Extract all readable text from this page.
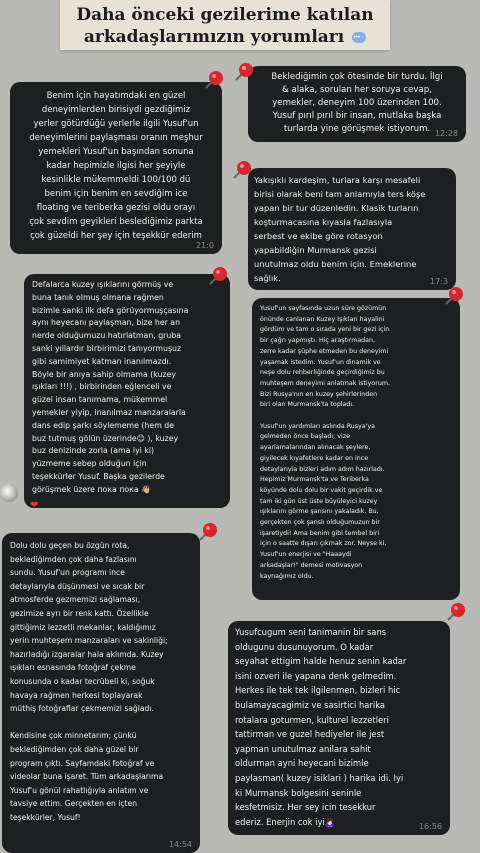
Daha önceki gezilerime katılan
arkadaşlarımızın yorumları ···
Benim için hayatımdaki en güzel
deneyimlerden birisiydi gezdiğimiz
yerler götürdüğü yerlerle ilgili Yusuf'un
deneyimlerini paylaşması oranın meşhur
yemekleri Yusuf'un başından sonuna
kadar hepimizle ilgisi her şeyiyle
kesinlikle mükemmeldi 100/100 dü
benim için benim en sevdiğim ice
floating ve teriberka gezisi oldu orayı
çok sevdim geyikleri beslediğimiz parkta
çok güzeldi her şey için teşekkür ederim
21:0
Beklediğimin çok ötesinde bir turdu. İlgi
& alaka, sorulan her soruya cevap,
yemekler, deneyim 100 üzerinden 100.
Yusuf pırıl pırıl bir insan, mutlaka başka
turlarda yine görüşmek istiyorum. 12:28
Yakışıklı kardeşim, turlara karşı mesafeli
birisi olarak beni tam anlamıyla ters köşe
yapan bir tur düzenledin. Klasik turların
koşturmacasına kıyasla fazlasıyla
serbest ve ekibe göre rotasyon
yapabildiğin Murmansk gezisi
unutulmaz oldu benim için. Emeklerine
sağlık.	17:3
Defalarca kuzey ışıklarını görmüş ve
buna tanık olmuş olmana rağmen
bizimle sanki ilk defa görüyormuşçasına
aynı heyecanı paylaşman, bize her an
nerde olduğumuzu hatırlatman, gruba
sanki yıllardır birbirimizi tanıyormuşuz
gibi samimiyet katman inanılmazdı.
Böyle bir anıya sahip olmama (kuzey
ışıkları !!!) , birbirinden eğlenceli ve
güzel insan tanımama, mükemmel
yemekler yiyip, inanılmaz manzaralarla
dans edip şarkı söylememe (hem de
buz tutmuş gölün üzerinde😊 ), kuzey
buz denizinde zorla (ama iyi ki)
yüzmeme sebep olduğun için
teşekkürler Yusuf. Başka gezilerde
görüşmek üzere пока пока 👋🏼
❤
Yusuf'un sayfasında uzun süre gözümün
önünde canlanan Kuzey Işıkları hayalini
gördüm ve tam o sırada yeni bir gezi için
bir çağrı yapmıştı. Hiç araştırmadan,
zerre kadar şüphe etmeden bu deneyimi
yaşamak istedim. Yusuf'un dinamik ve
neşe dolu rehberliğinde geçirdiğimiz bu
muhteşem deneyimi anlatmak istiyorum.
Bizi Rusya'nın en kuzey şehirlerinden
biri olan Murmansk'ta topladı.

Yusuf'un yardımları aslında Rusya'ya
gelmeden önce başladı; vize
ayarlamalarından alınacak şeylere,
giyilecek kıyafetlere kadar en ince
detaylarıyla bizleri adım adım hazırladı.
Hepimiz Murmansk'ta ve Teriberka
köyünde dolu dolu bir vakit geçirdik ve
tam iki gün üst üste büyüleyici kuzey
ışıklarını görme şansını yakaladık. Bu,
gerçekten çok şanslı olduğumuzun bir
işaretiydi! Ama benim gibi tembel biri
için o saatte dışarı çıkmak zor. Neyse ki,
Yusuf'un enerjisi ve "Haaaydi
arkadaşlar!" demesi motivasyon
kaynağımız oldu.
Dolu dolu geçen bu özgün rota,
beklediğimden çok daha fazlasını
sundu. Yusuf'un programı ince
detaylarıyla düşünmesi ve sıcak bir
atmosferde gezmemizi sağlaması,
gezimize ayrı bir renk kattı. Özellikle
gittiğimiz lezzetli mekanlar, kaldığımız
yerin muhteşem manzaraları ve sakinliği;
hazırladığı izgaralar hala aklımda. Kuzey
ışıkları esnasında fotoğraf çekme
konusunda o kadar tecrübeli ki, soğuk
havaya rağmen herkesi toplayarak
müthiş fotoğraflar çekmemizi sağladı.

Kendisine çok minnetarım; çünkü
beklediğimden çok daha güzel bir
program çıktı. Sayfamdaki fotoğraf ve
videolar buna işaret. Tüm arkadaşlarıma
Yusuf'u gönül rahatlığıyla anlatım ve
tavsiye ettim. Gerçekten en içten
teşekkürler, Yusuf!
14:54
Yusufcugum seni tanimanin bir sans
oldugunu dusunuyorum. O kadar
seyahat ettigim halde henuz senin kadar
isini ozveri ile yapana denk gelmedim.
Herkes ile tek tek ilgilenmen, bizleri hic
bulamayacagimiz ve sasirtici harika
rotalara goturmen, kulturel lezzetleri
tattirman ve guzel hediyeler ile jest
yapman unutulmaz anilara sahit
oldurman ayni heyecani bizimle
paylasman( kuzey isiklari ) harika idi. Iyi
ki Murmansk bolgesini seninle
kesfetmisiz. Her sey icin tesekkur
ederiz. Enerjin cok iyi🙇🏻‍♀️	16:56
